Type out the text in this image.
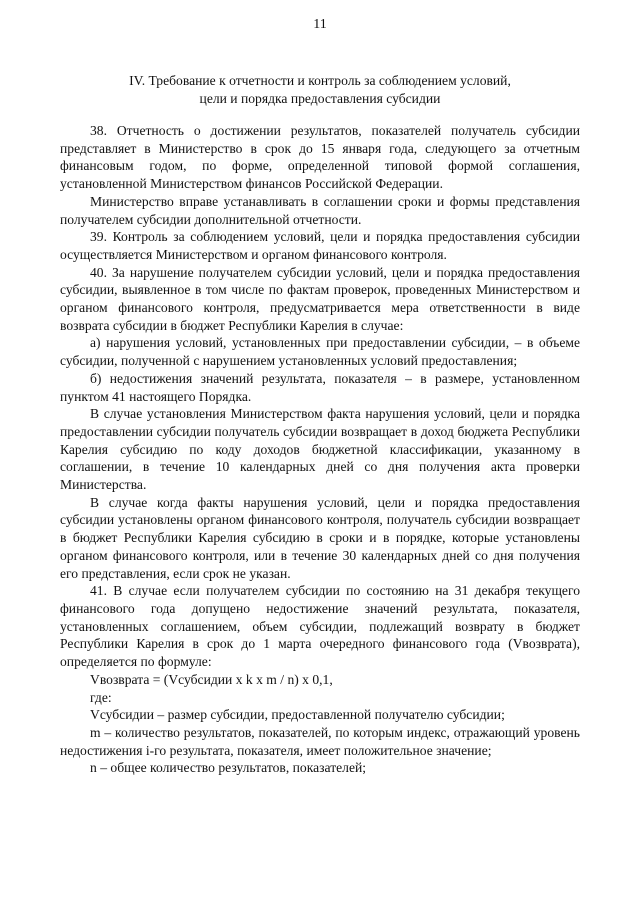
11
IV. Требование к отчетности и контроль за соблюдением условий,
цели и порядка предоставления субсидии

38. Отчетность о достижении результатов, показателей получатель субсидии представляет в Министерство в срок до 15 января года, следующего за отчетным финансовым годом, по форме, определенной типовой формой соглашения, установленной Министерством финансов Российской Федерации.

Министерство вправе устанавливать в соглашении сроки и формы представления получателем субсидии дополнительной отчетности.

39. Контроль за соблюдением условий, цели и порядка предоставления субсидии осуществляется Министерством и органом финансового контроля.

40. За нарушение получателем субсидии условий, цели и порядка предоставления субсидии, выявленное в том числе по фактам проверок, проведенных Министерством и органом финансового контроля, предусматривается мера ответственности в виде возврата субсидии в бюджет Республики Карелия в случае:

а) нарушения условий, установленных при предоставлении субсидии, – в объеме субсидии, полученной с нарушением установленных условий предоставления;

б) недостижения значений результата, показателя – в размере, установленном пунктом 41 настоящего Порядка.

В случае установления Министерством факта нарушения условий, цели и порядка предоставлении субсидии получатель субсидии возвращает в доход бюджета Республики Карелия субсидию по коду доходов бюджетной классификации, указанному в соглашении, в течение 10 календарных дней со дня получения акта проверки Министерства.

В случае когда факты нарушения условий, цели и порядка предоставления субсидии установлены органом финансового контроля, получатель субсидии возвращает в бюджет Республики Карелия субсидию в сроки и в порядке, которые установлены органом финансового контроля, или в течение 30 календарных дней со дня получения его представления, если срок не указан.

41. В случае если получателем субсидии по состоянию на 31 декабря текущего финансового года допущено недостижение значений результата, показателя, установленных соглашением, объем субсидии, подлежащий возврату в бюджет Республики Карелия в срок до 1 марта очередного финансового года (Vвозврата), определяется по формуле:

Vвозврата = (Vсубсидии x k x m / n) x 0,1,

где:

Vсубсидии – размер субсидии, предоставленной получателю субсидии;

m – количество результатов, показателей, по которым индекс, отражающий уровень недостижения i-го результата, показателя, имеет положительное значение;

n – общее количество результатов, показателей;
